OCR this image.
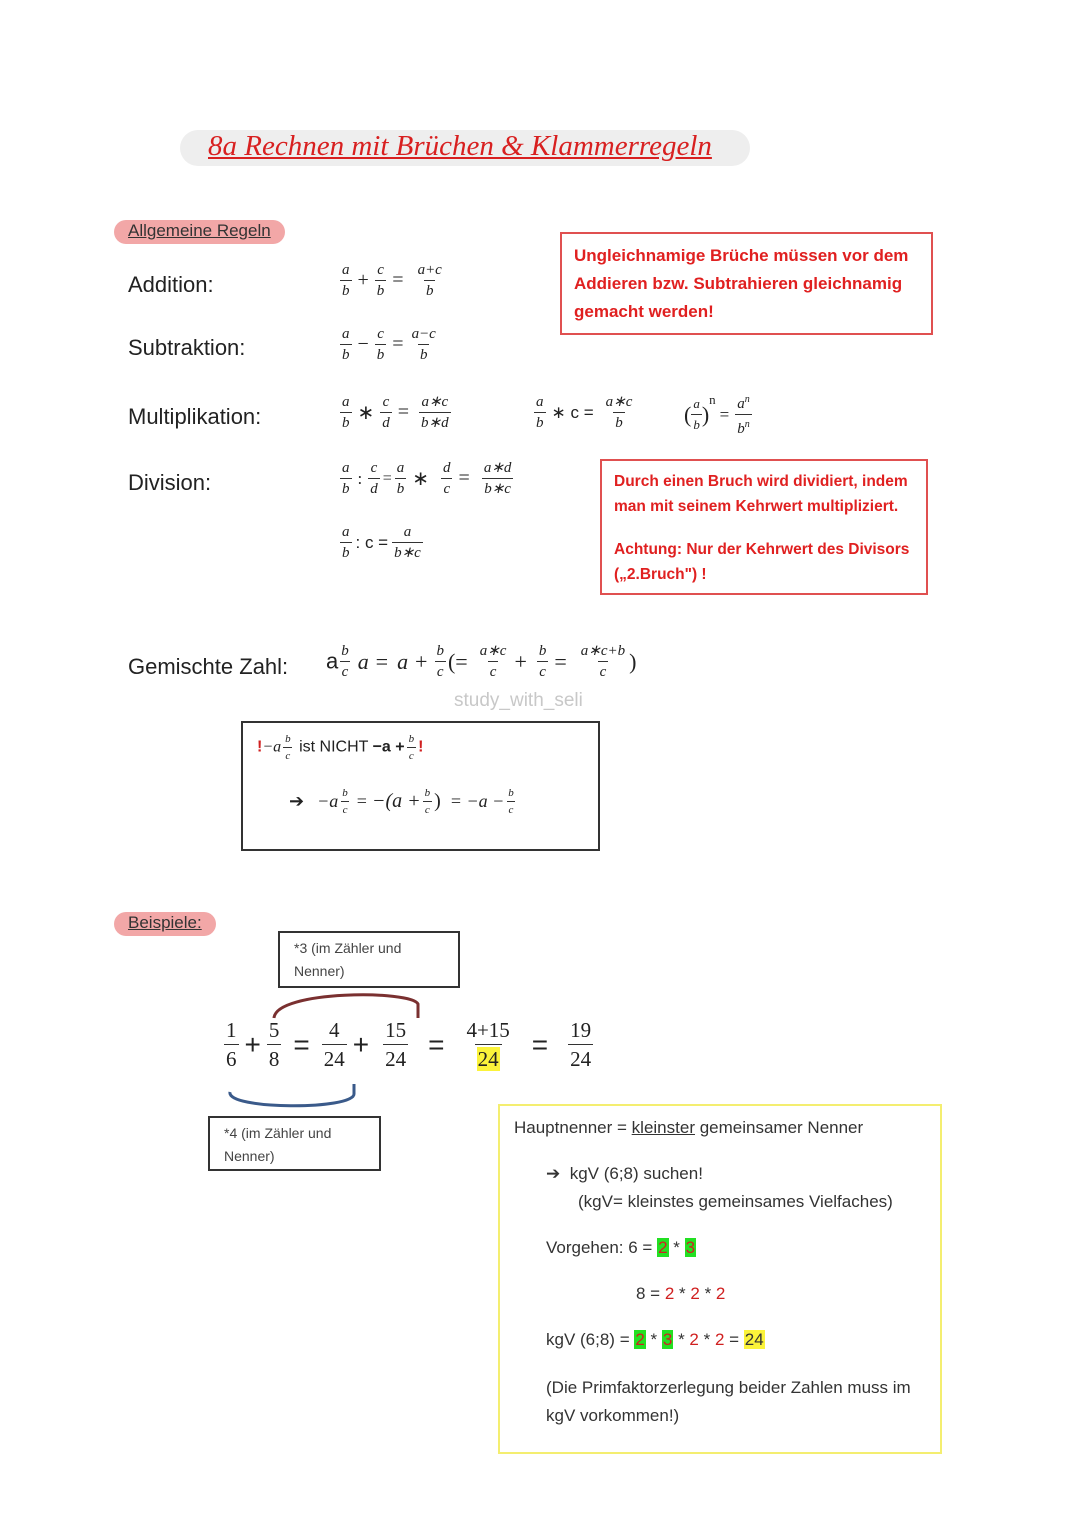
8a Rechnen mit Brüchen & Klammerregeln
Allgemeine Regeln
Addition:
Subtraktion:
Multiplikation:
Division:
Gemischte Zahl:
$\frac{a}{b} + \frac{c}{b} = \frac{a+c}{b}$
$\frac{a}{b} - \frac{c}{b} = \frac{a-c}{b}$
$\frac{a}{b}$ ∗ $\frac{c}{d} = \frac{a∗c}{b∗d}$	$\frac{a}{b}$ ∗ $c = \frac{a∗c}{b}$ ( $\frac{a}{b} )^n= \frac{a^n}{b^n}$
$\frac{a}{b}$ : $\frac{c}{d} = \frac{a}{b}$ ∗ $\frac{d}{c} = \frac{a∗d}{b∗c}$
$\frac{a}{b}$ : $c = \frac{a}{b∗c}$
Ungleichnamige Brüche müssen vor dem Addieren bzw. Subtrahieren gleichnamig gemacht werden!
Durch einen Bruch wird dividiert, indem man mit seinem Kehrwert multipliziert.
Achtung: Nur der Kehrwert des Divisors („2.Bruch") !
a $\frac{b}{c}$ $a = a + \frac{b}{c}$ (= $\frac{a∗c}{c} + \frac{b}{c} = \frac{a∗c+b}{c}$ )
study_with_seli
$!-a \frac{b}{c}$ ist NICHT $-a + \frac{b}{c}$ !
➔ $-a \frac{b}{c} = -(a + \frac{b}{c}$ ) = $-a - \frac{b}{c}$
Beispiele:
*3 (im Zähler und Nenner)
*4 (im Zähler und Nenner)
$\frac{1}{6} + \frac{5}{8} = \frac{4}{24} + \frac{15}{24} = \frac{4+15}{24} = \frac{19}{24}$
Hauptnenner = kleinster gemeinsamer Nenner
➔ kgV (6;8) suchen!
(kgV= kleinstes gemeinsames Vielfaches)
Vorgehen: 6 = 2 * 3
8 = 2 * 2 * 2
kgV (6;8) = 2 * 3 * 2 * 2 = 24
(Die Primfaktorzerlegung beider Zahlen muss im kgV vorkommen!)
